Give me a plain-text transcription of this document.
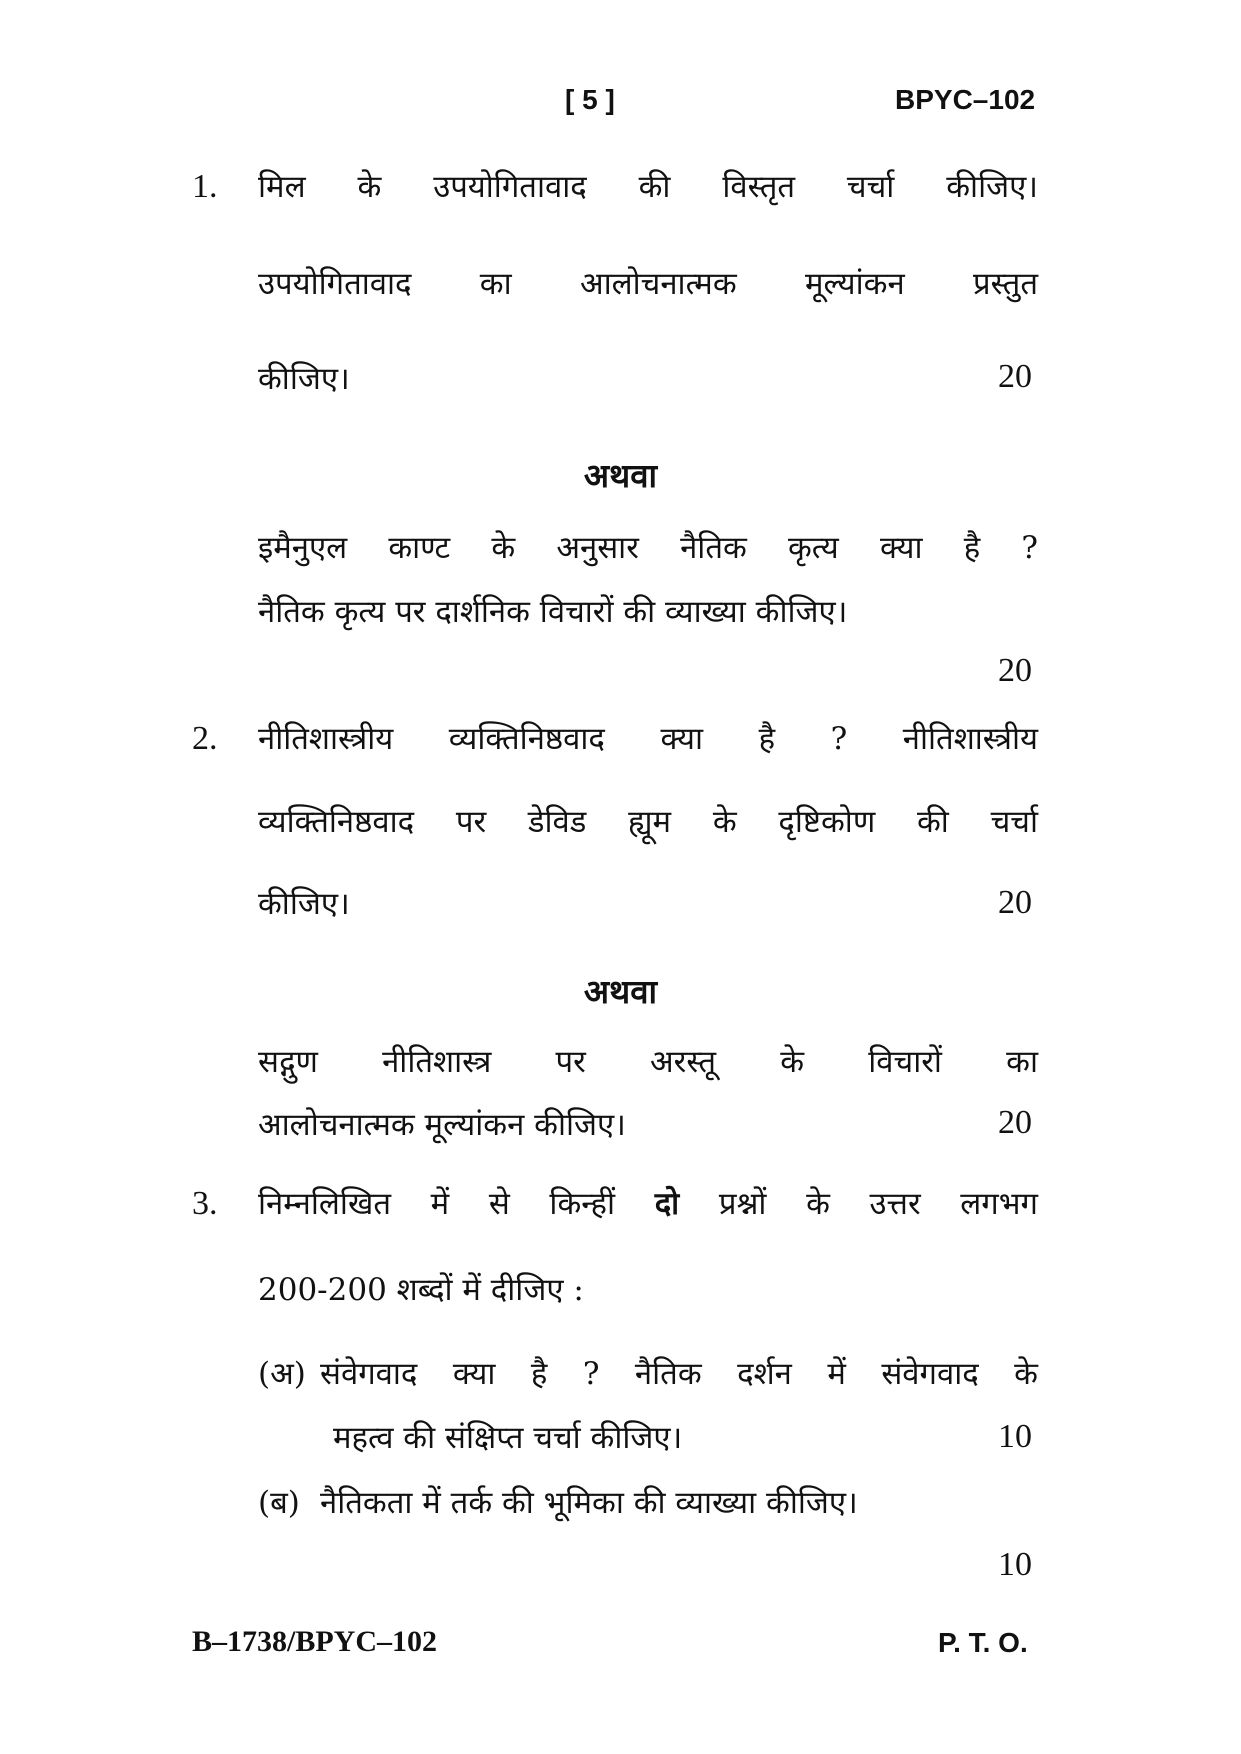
[ 5 ]	BPYC–102
1. मिल के उपयोगितावाद की विस्तृत चर्चा कीजिए।
उपयोगितावाद का आलोचनात्मक मूल्यांकन प्रस्तुत
कीजिए।	20
अथवा
इमैनुएल काण्ट के अनुसार नैतिक कृत्य क्या है ?
नैतिक कृत्य पर दार्शनिक विचारों की व्याख्या कीजिए।
20
2. नीतिशास्त्रीय व्यक्तिनिष्ठवाद क्या है ? नीतिशास्त्रीय
व्यक्तिनिष्ठवाद पर डेविड ह्यूम के दृष्टिकोण की चर्चा
कीजिए।	20
अथवा
सद्गुण नीतिशास्त्र पर अरस्तू के विचारों का
आलोचनात्मक मूल्यांकन कीजिए।	20
3. निम्नलिखित में से किन्हीं दो प्रश्नों के उत्तर लगभग
200-200 शब्दों में दीजिए :
(अ) संवेगवाद क्या है ? नैतिक दर्शन में संवेगवाद के
महत्व की संक्षिप्त चर्चा कीजिए।	10
(ब) नैतिकता में तर्क की भूमिका की व्याख्या कीजिए।
10
B–1738/BPYC–102	P. T. O.
